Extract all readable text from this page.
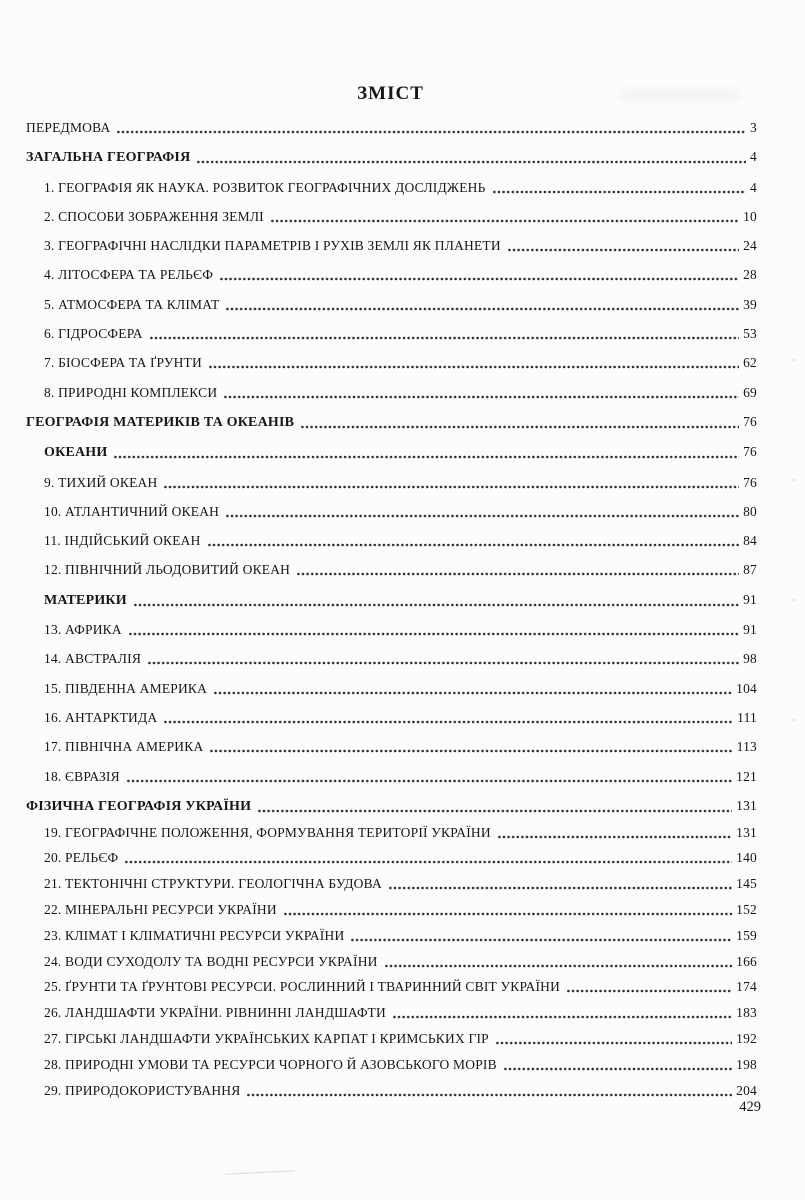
ЗМІСТ
ПЕРЕДМОВА	3
ЗАГАЛЬНА ГЕОГРАФІЯ	4
1. ГЕОГРАФІЯ ЯК НАУКА. РОЗВИТОК ГЕОГРАФІЧНИХ ДОСЛІДЖЕНЬ	4
2. СПОСОБИ ЗОБРАЖЕННЯ ЗЕМЛІ	10
3. ГЕОГРАФІЧНІ НАСЛІДКИ ПАРАМЕТРІВ І РУХІВ ЗЕМЛІ ЯК ПЛАНЕТИ	24
4. ЛІТОСФЕРА ТА РЕЛЬЄФ	28
5. АТМОСФЕРА ТА КЛІМАТ	39
6. ГІДРОСФЕРА	53
7. БІОСФЕРА ТА ҐРУНТИ	62
8. ПРИРОДНІ КОМПЛЕКСИ	69
ГЕОГРАФІЯ МАТЕРИКІВ ТА ОКЕАНІВ	76
ОКЕАНИ	76
9. ТИХИЙ ОКЕАН	76
10. АТЛАНТИЧНИЙ ОКЕАН	80
11. ІНДІЙСЬКИЙ ОКЕАН	84
12. ПІВНІЧНИЙ ЛЬОДОВИТИЙ ОКЕАН	87
МАТЕРИКИ	91
13. АФРИКА	91
14. АВСТРАЛІЯ	98
15. ПІВДЕННА АМЕРИКА	104
16. АНТАРКТИДА	111
17. ПІВНІЧНА АМЕРИКА	113
18. ЄВРАЗІЯ	121
ФІЗИЧНА ГЕОГРАФІЯ УКРАЇНИ	131
19. ГЕОГРАФІЧНЕ ПОЛОЖЕННЯ, ФОРМУВАННЯ ТЕРИТОРІЇ УКРАЇНИ	131
20. РЕЛЬЄФ	140
21. ТЕКТОНІЧНІ СТРУКТУРИ. ГЕОЛОГІЧНА БУДОВА	145
22. МІНЕРАЛЬНІ РЕСУРСИ УКРАЇНИ	152
23. КЛІМАТ І КЛІМАТИЧНІ РЕСУРСИ УКРАЇНИ	159
24. ВОДИ СУХОДОЛУ ТА ВОДНІ РЕСУРСИ УКРАЇНИ	166
25. ҐРУНТИ ТА ҐРУНТОВІ РЕСУРСИ. РОСЛИННИЙ І ТВАРИННИЙ СВІТ УКРАЇНИ	174
26. ЛАНДШАФТИ УКРАЇНИ. РІВНИННІ ЛАНДШАФТИ	183
27. ГІРСЬКІ ЛАНДШАФТИ УКРАЇНСЬКИХ КАРПАТ І КРИМСЬКИХ ГІР	192
28. ПРИРОДНІ УМОВИ ТА РЕСУРСИ ЧОРНОГО Й АЗОВСЬКОГО МОРІВ	198
29. ПРИРОДОКОРИСТУВАННЯ	204
429
